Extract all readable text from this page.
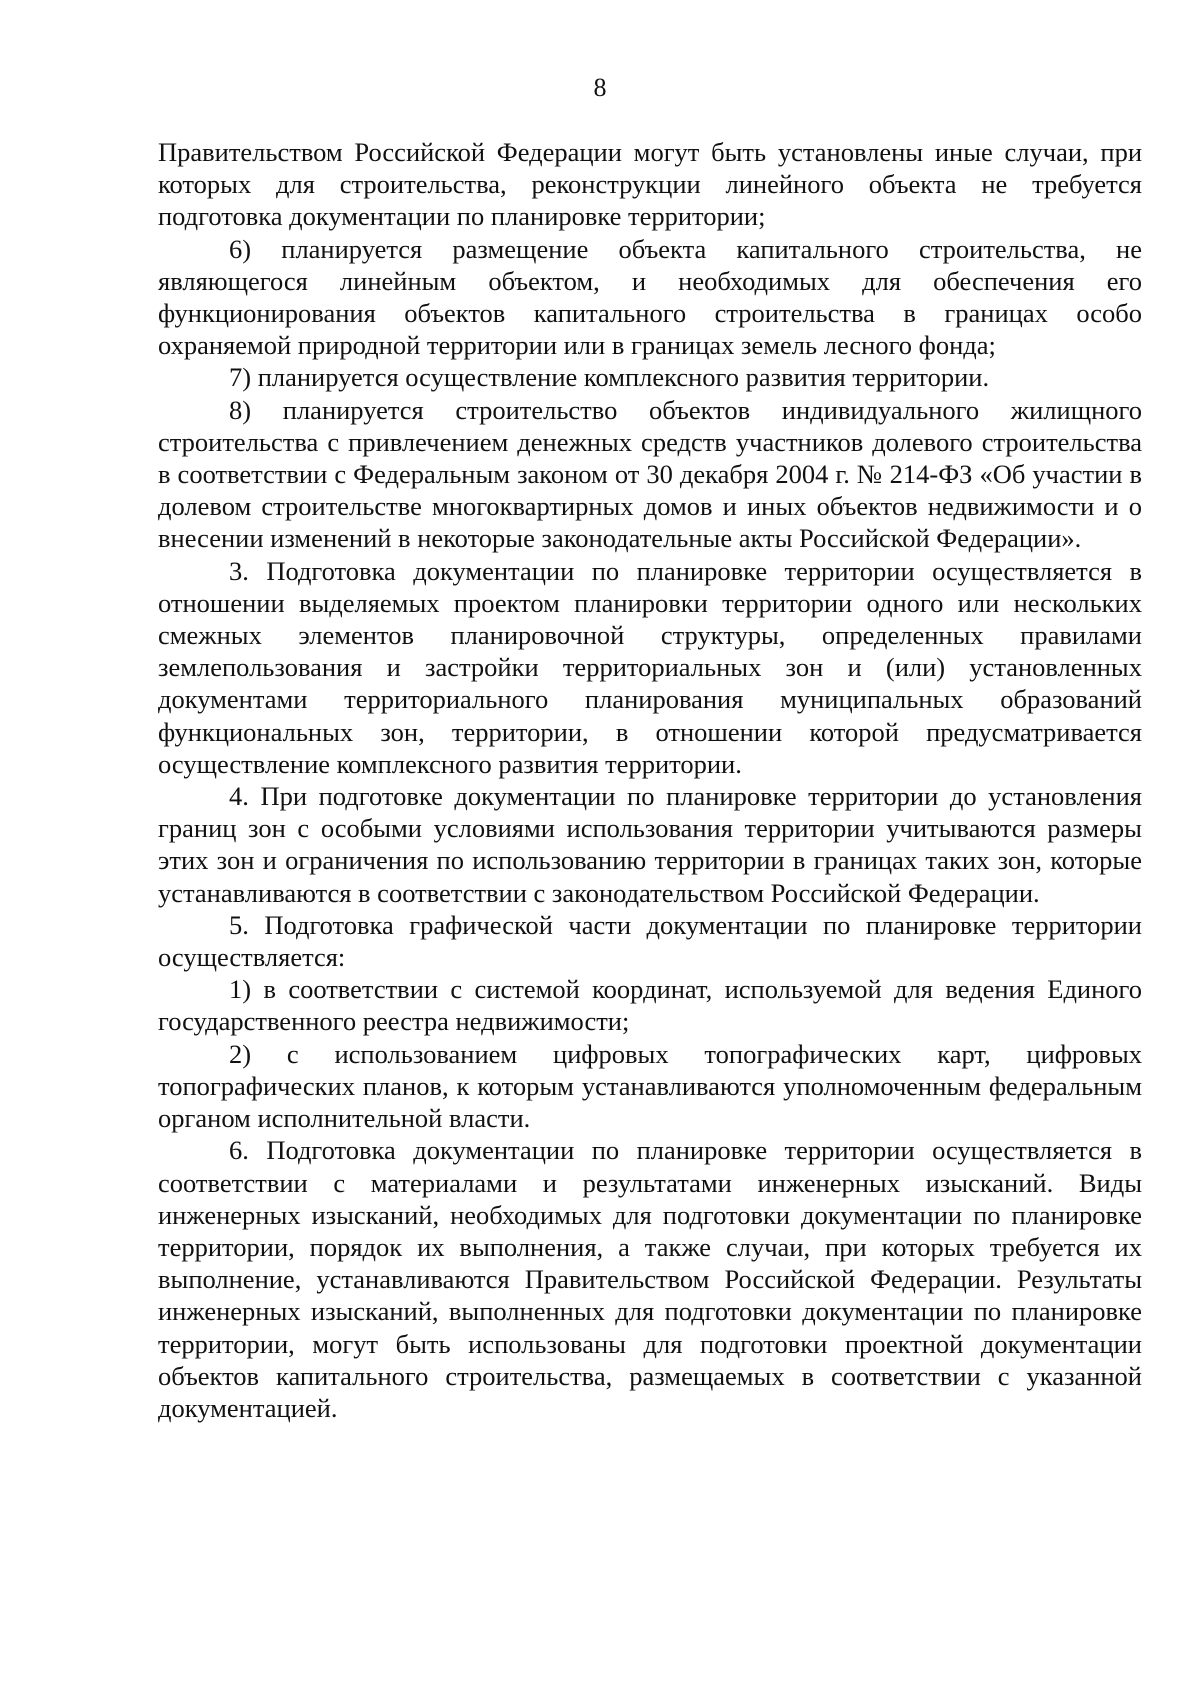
8

Правительством Российской Федерации могут быть установлены иные случаи, при которых для строительства, реконструкции линейного объекта не требуется подготовка документации по планировке территории;

6) планируется размещение объекта капитального строительства, не являющегося линейным объектом, и необходимых для обеспечения его функционирования объектов капитального строительства в границах особо охраняемой природной территории или в границах земель лесного фонда;

7) планируется осуществление комплексного развития территории.

8) планируется строительство объектов индивидуального жилищного строительства с привлечением денежных средств участников долевого строительства в соответствии с Федеральным законом от 30 декабря 2004 г. № 214-ФЗ «Об участии в долевом строительстве многоквартирных домов и иных объектов недвижимости и о внесении изменений в некоторые законодательные акты Российской Федерации».

3. Подготовка документации по планировке территории осуществляется в отношении выделяемых проектом планировки территории одного или нескольких смежных элементов планировочной структуры, определенных правилами землепользования и застройки территориальных зон и (или) установленных документами территориального планирования муниципальных образований функциональных зон, территории, в отношении которой предусматривается осуществление комплексного развития территории.

4. При подготовке документации по планировке территории до установления границ зон с особыми условиями использования территории учитываются размеры этих зон и ограничения по использованию территории в границах таких зон, которые устанавливаются в соответствии с законодательством Российской Федерации.

5. Подготовка графической части документации по планировке территории осуществляется:

1) в соответствии с системой координат, используемой для ведения Единого государственного реестра недвижимости;

2) с использованием цифровых топографических карт, цифровых топографических планов, к которым устанавливаются уполномоченным федеральным органом исполнительной власти.

6. Подготовка документации по планировке территории осуществляется в соответствии с материалами и результатами инженерных изысканий. Виды инженерных изысканий, необходимых для подготовки документации по планировке территории, порядок их выполнения, а также случаи, при которых требуется их выполнение, устанавливаются Правительством Российской Федерации. Результаты инженерных изысканий, выполненных для подготовки документации по планировке территории, могут быть использованы для подготовки проектной документации объектов капитального строительства, размещаемых в соответствии с указанной документацией.
